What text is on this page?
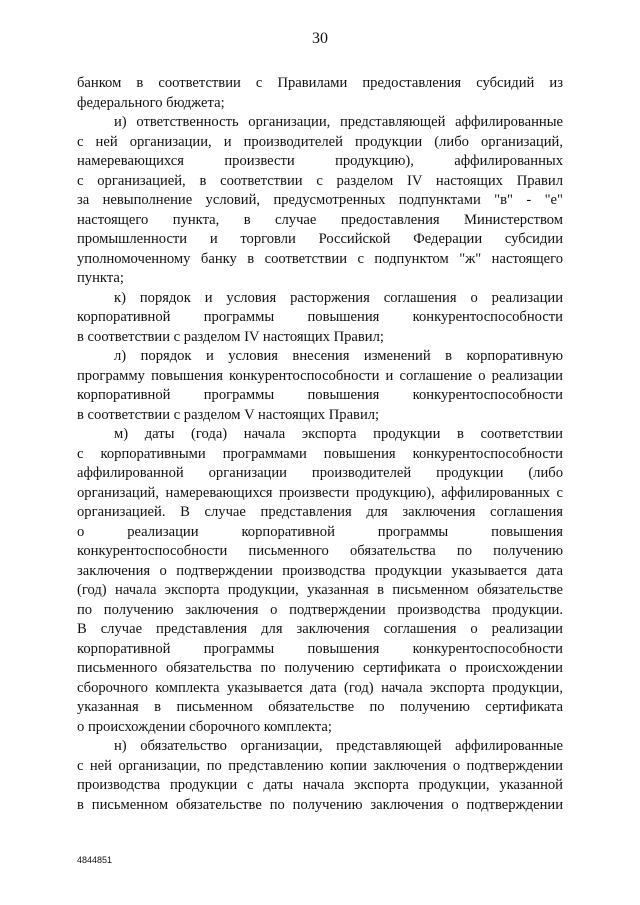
30
банком в соответствии с Правилами предоставления субсидий из
федерального бюджета;
и) ответственность организации, представляющей аффилированные
с ней организации, и производителей продукции (либо организаций,
намеревающихся произвести продукцию), аффилированных
с организацией, в соответствии с разделом IV настоящих Правил
за невыполнение условий, предусмотренных подпунктами "в" - "е"
настоящего пункта, в случае предоставления Министерством
промышленности и торговли Российской Федерации субсидии
уполномоченному банку в соответствии с подпунктом "ж" настоящего
пункта;
к) порядок и условия расторжения соглашения о реализации
корпоративной программы повышения конкурентоспособности
в соответствии с разделом IV настоящих Правил;
л) порядок и условия внесения изменений в корпоративную
программу повышения конкурентоспособности и соглашение о реализации
корпоративной программы повышения конкурентоспособности
в соответствии с разделом V настоящих Правил;
м) даты (года) начала экспорта продукции в соответствии
с корпоративными программами повышения конкурентоспособности
аффилированной организации производителей продукции (либо
организаций, намеревающихся произвести продукцию), аффилированных с
организацией. В случае представления для заключения соглашения
о реализации корпоративной программы повышения
конкурентоспособности письменного обязательства по получению
заключения о подтверждении производства продукции указывается дата
(год) начала экспорта продукции, указанная в письменном обязательстве
по получению заключения о подтверждении производства продукции.
В случае представления для заключения соглашения о реализации
корпоративной программы повышения конкурентоспособности
письменного обязательства по получению сертификата о происхождении
сборочного комплекта указывается дата (год) начала экспорта продукции,
указанная в письменном обязательстве по получению сертификата
о происхождении сборочного комплекта;
н) обязательство организации, представляющей аффилированные
с ней организации, по представлению копии заключения о подтверждении
производства продукции с даты начала экспорта продукции, указанной
в письменном обязательстве по получению заключения о подтверждении
4844851
